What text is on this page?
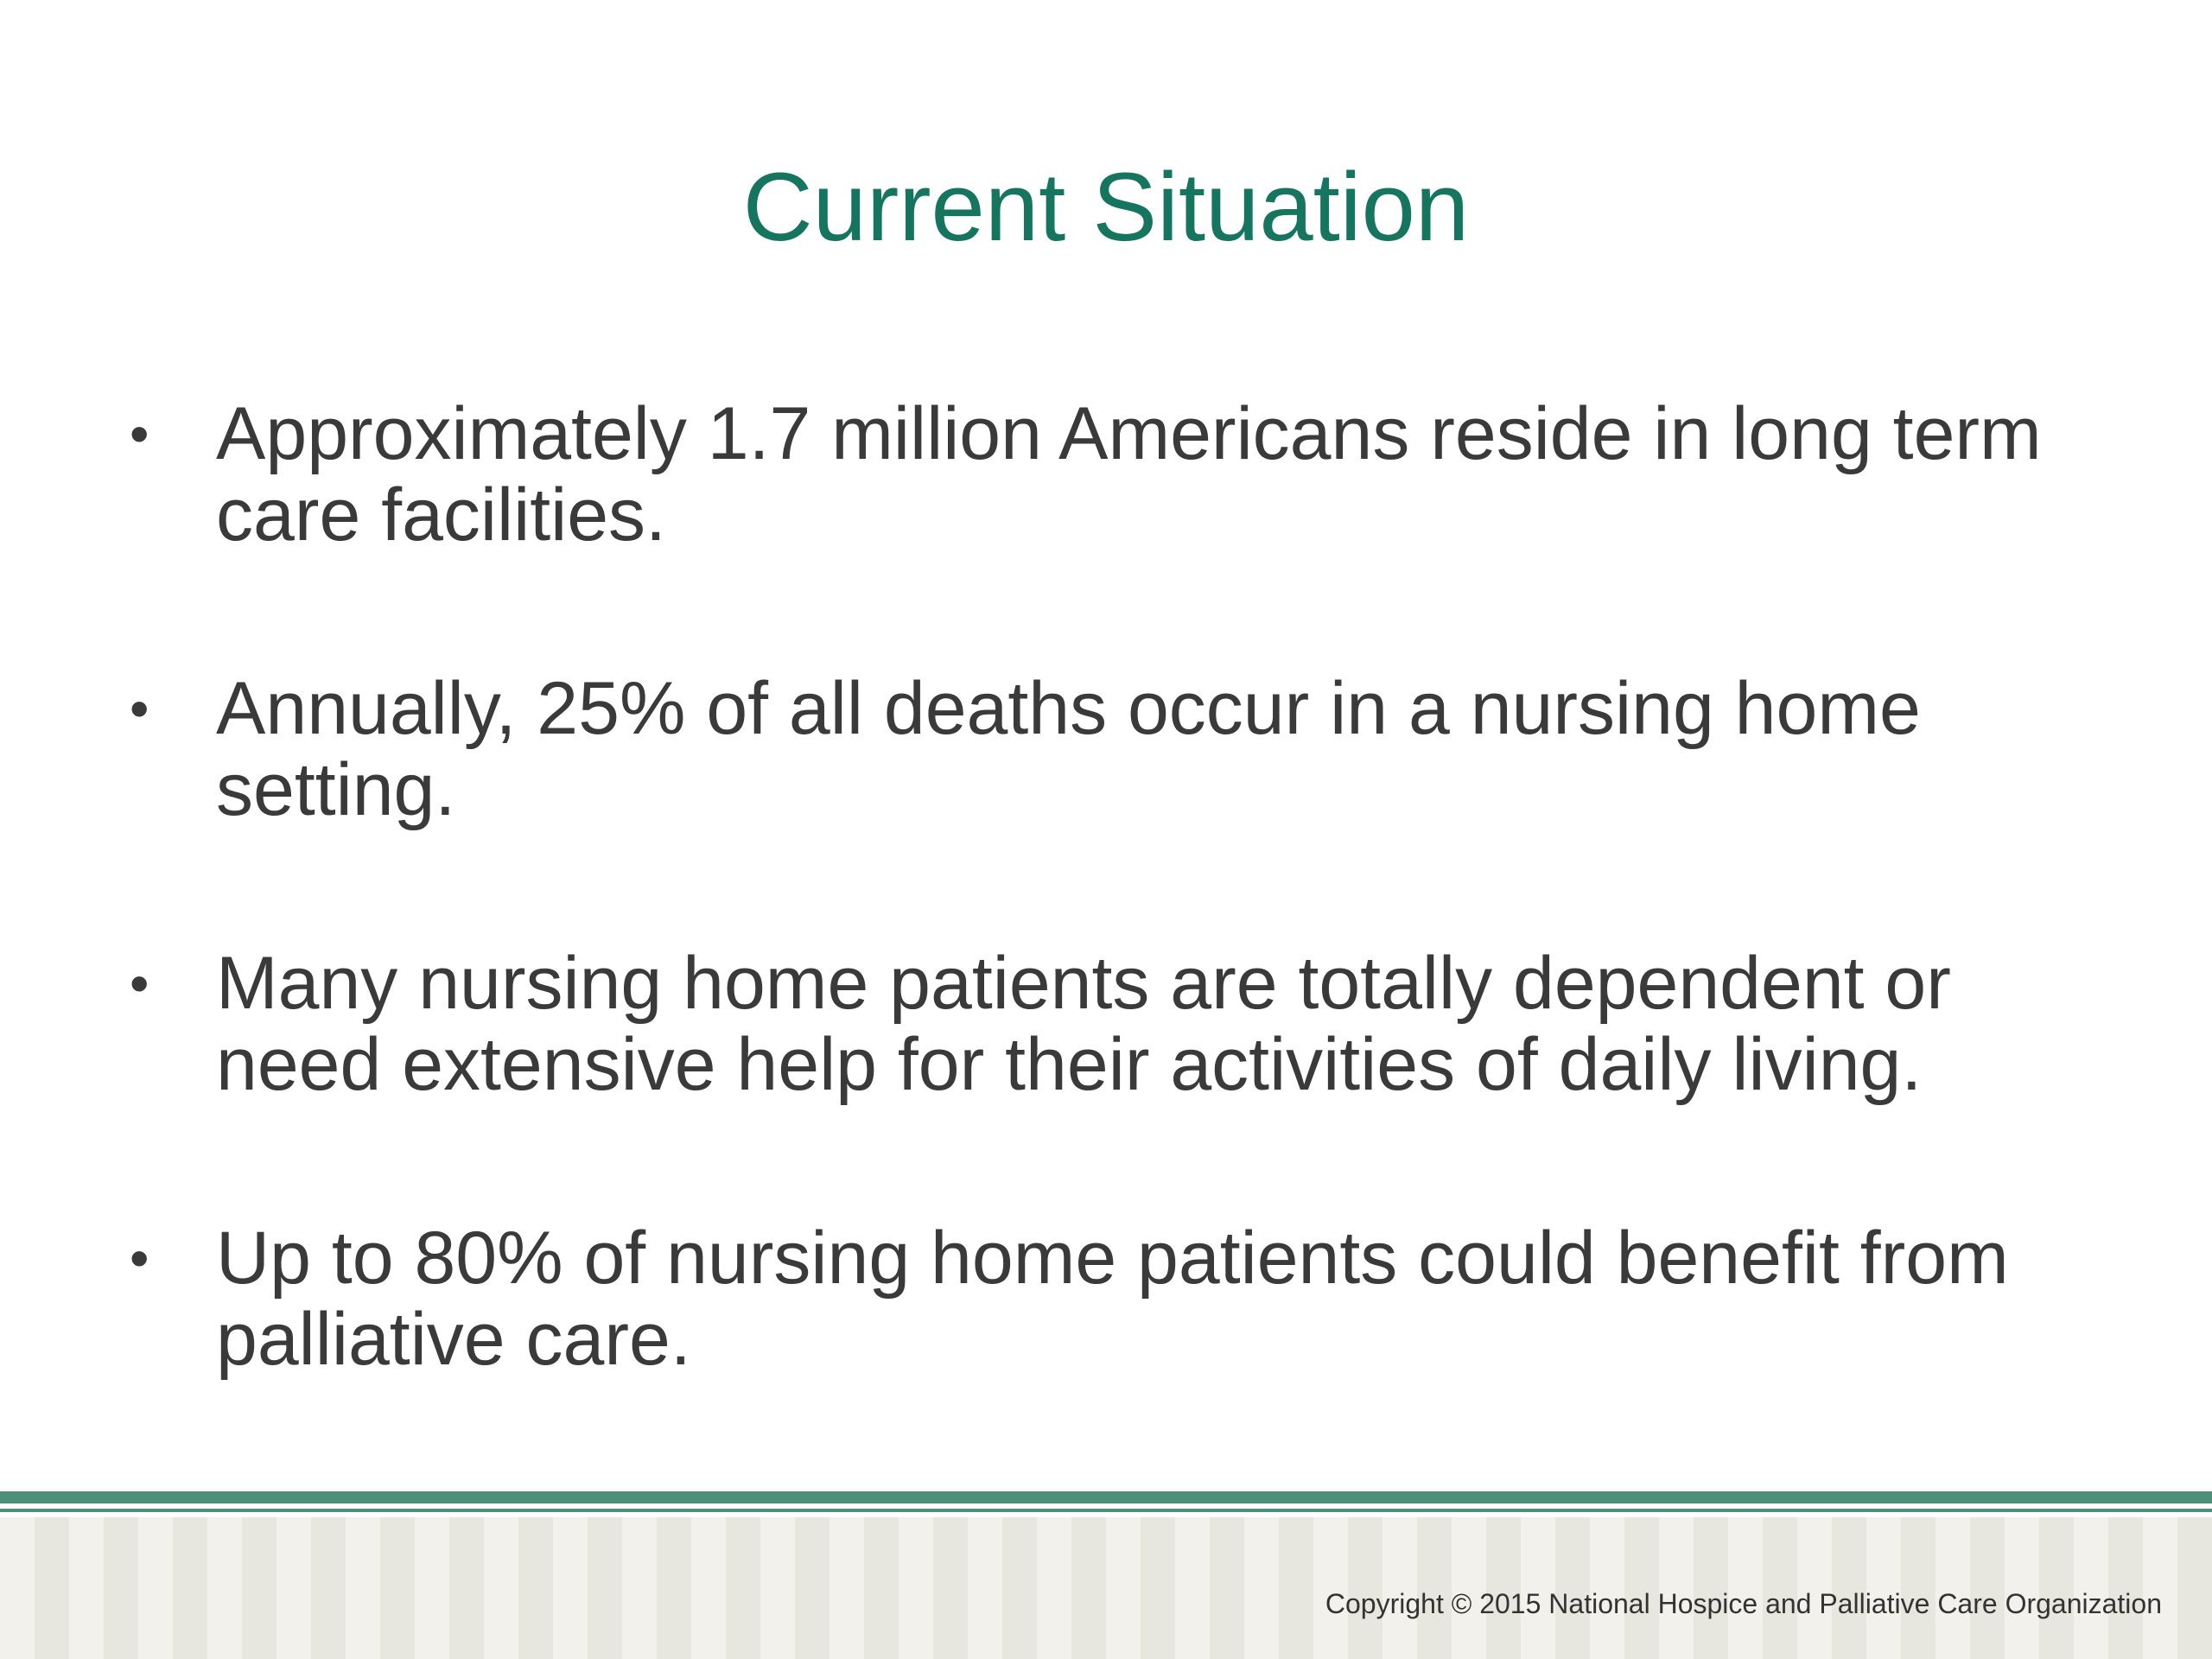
Current Situation
• Approximately 1.7 million Americans reside in long term care facilities.
• Annually, 25% of all deaths occur in a nursing home setting.
• Many nursing home patients are totally dependent or need extensive help for their activities of daily living.
• Up to 80% of nursing home patients could benefit from palliative care.
Copyright © 2015 National Hospice and Palliative Care Organization
